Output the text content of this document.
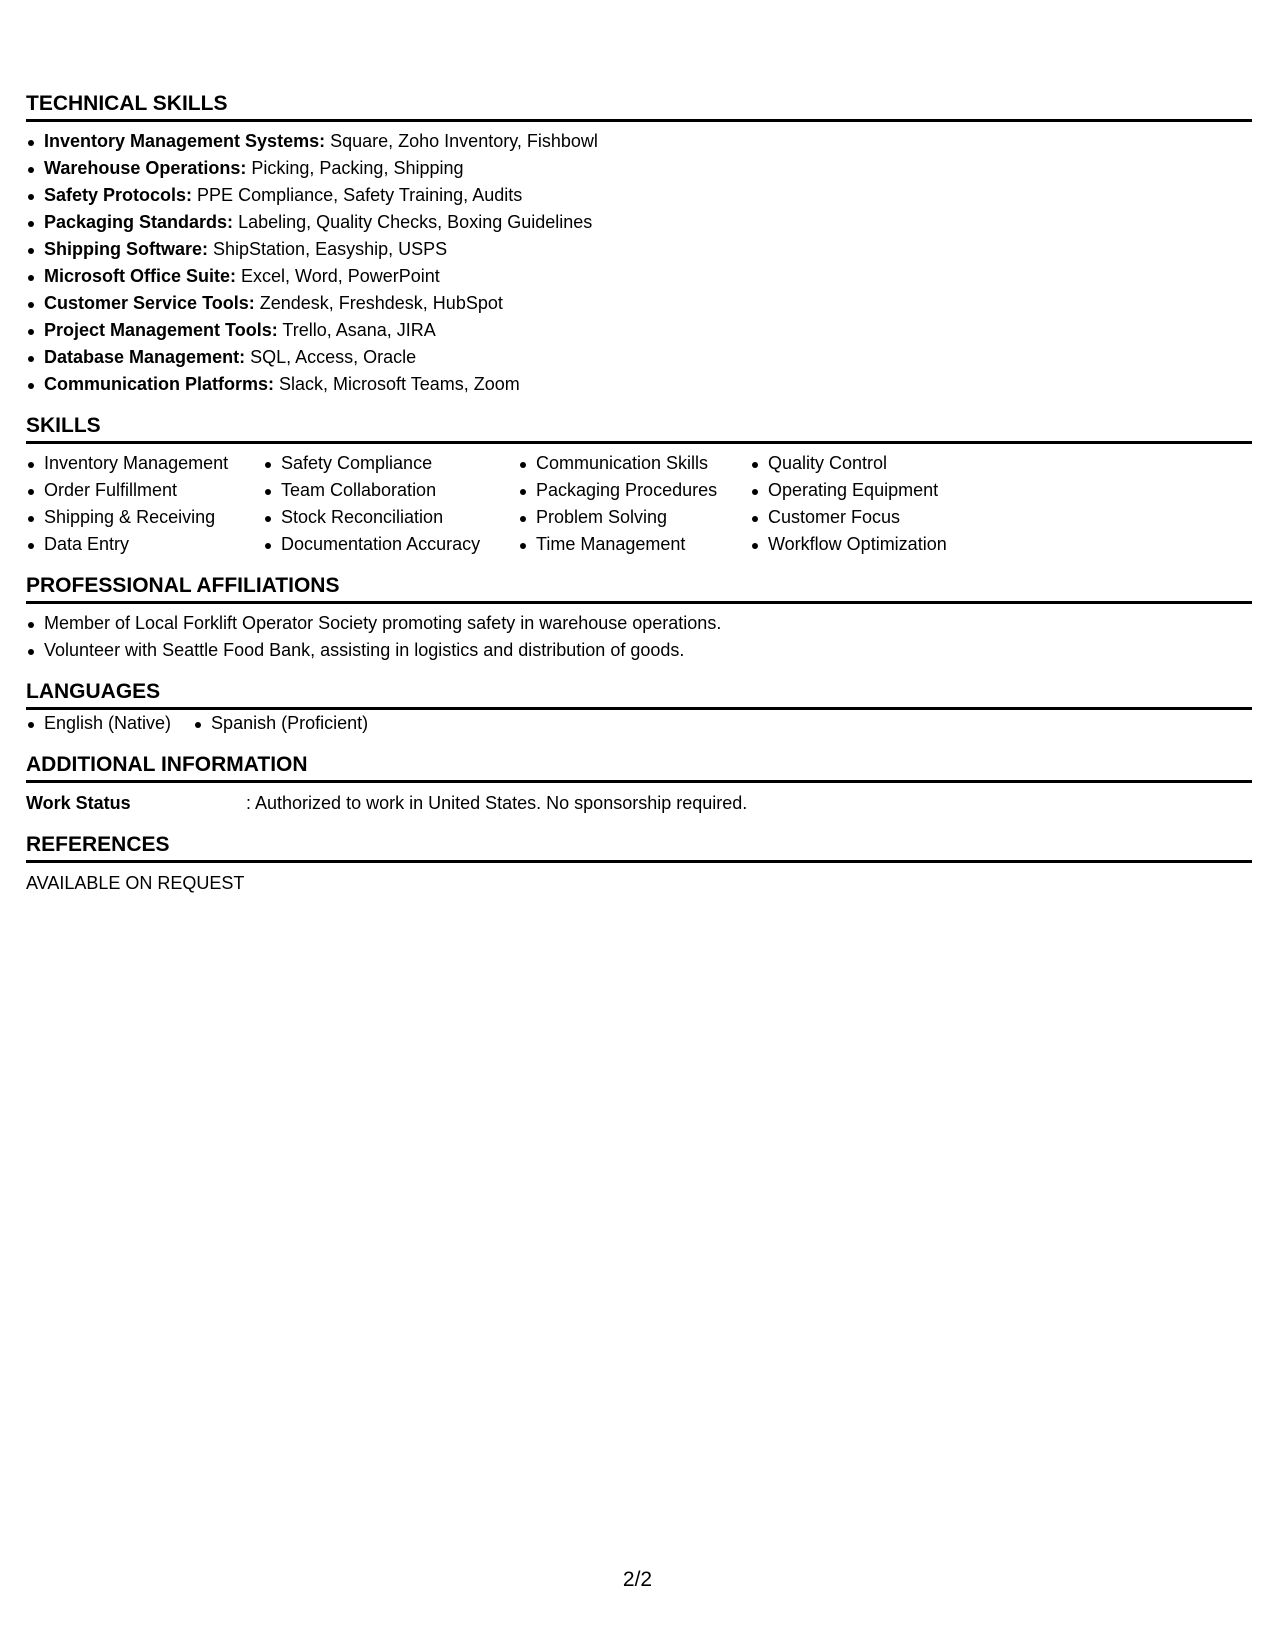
TECHNICAL SKILLS
Inventory Management Systems: Square, Zoho Inventory, Fishbowl
Warehouse Operations: Picking, Packing, Shipping
Safety Protocols: PPE Compliance, Safety Training, Audits
Packaging Standards: Labeling, Quality Checks, Boxing Guidelines
Shipping Software: ShipStation, Easyship, USPS
Microsoft Office Suite: Excel, Word, PowerPoint
Customer Service Tools: Zendesk, Freshdesk, HubSpot
Project Management Tools: Trello, Asana, JIRA
Database Management: SQL, Access, Oracle
Communication Platforms: Slack, Microsoft Teams, Zoom
SKILLS
Inventory Management
Order Fulfillment
Shipping & Receiving
Data Entry
Safety Compliance
Team Collaboration
Stock Reconciliation
Documentation Accuracy
Communication Skills
Packaging Procedures
Problem Solving
Time Management
Quality Control
Operating Equipment
Customer Focus
Workflow Optimization
PROFESSIONAL AFFILIATIONS
Member of Local Forklift Operator Society promoting safety in warehouse operations.
Volunteer with Seattle Food Bank, assisting in logistics and distribution of goods.
LANGUAGES
English (Native)	Spanish (Proficient)
ADDITIONAL INFORMATION
Work Status	: Authorized to work in United States. No sponsorship required.
REFERENCES
AVAILABLE ON REQUEST
2/2
